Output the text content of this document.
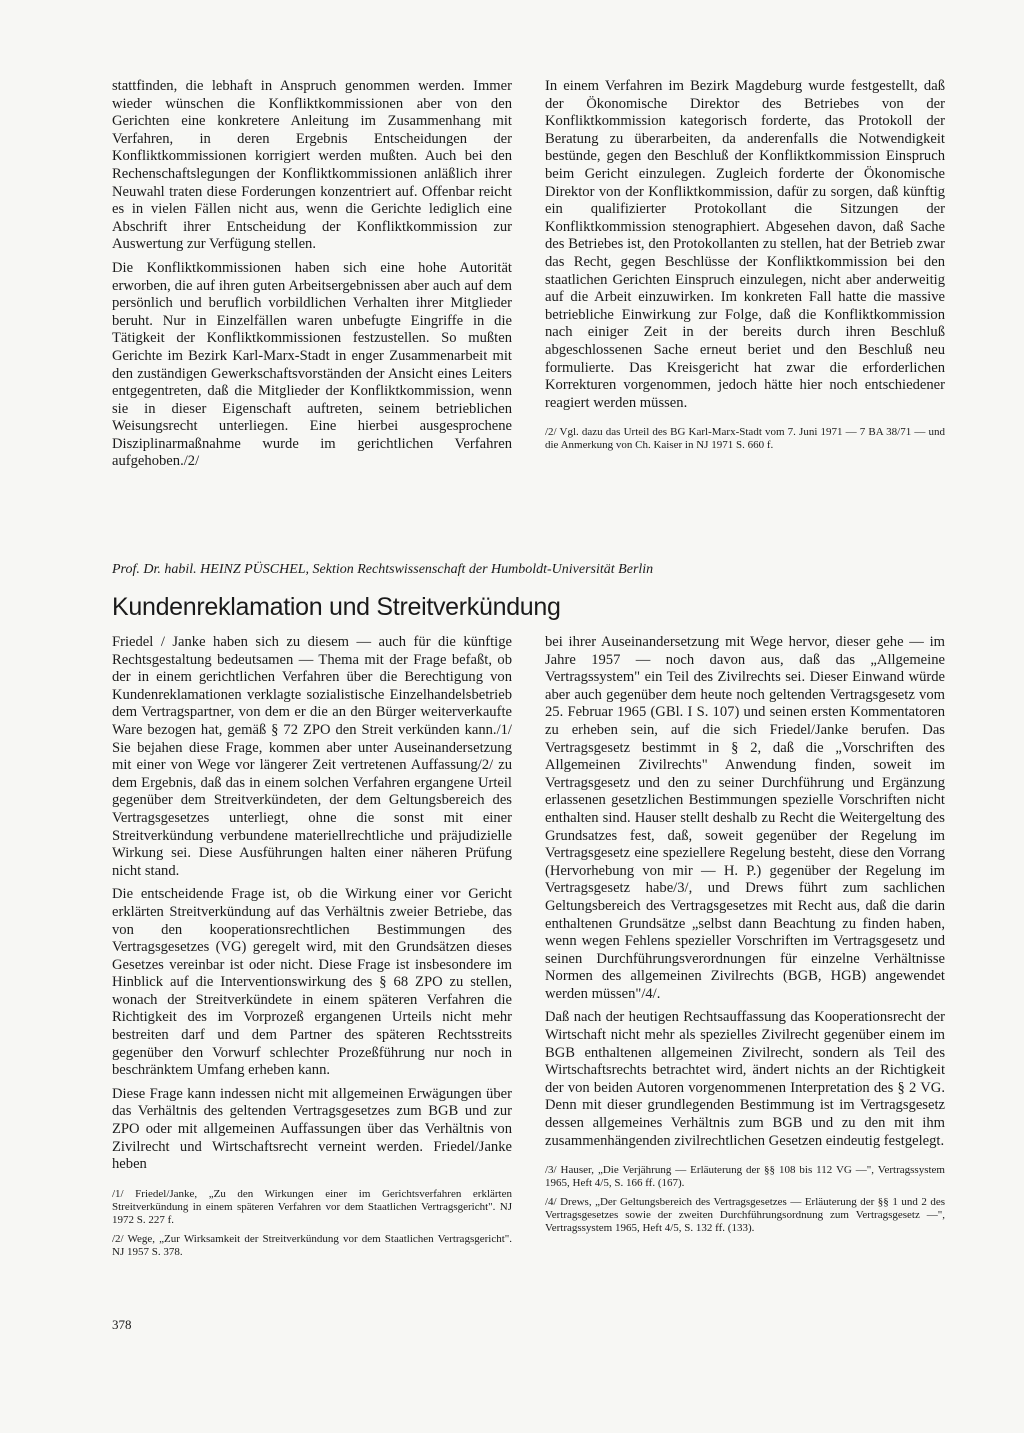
stattfinden, die lebhaft in Anspruch genommen werden. Immer wieder wünschen die Konfliktkommissionen aber von den Gerichten eine konkretere Anleitung im Zusammenhang mit Verfahren, in deren Ergebnis Entscheidungen der Konfliktkommissionen korrigiert werden mußten. Auch bei den Rechenschaftslegungen der Konfliktkommissionen anläßlich ihrer Neuwahl traten diese Forderungen konzentriert auf. Offenbar reicht es in vielen Fällen nicht aus, wenn die Gerichte lediglich eine Abschrift ihrer Entscheidung der Konfliktkommission zur Auswertung zur Verfügung stellen.

Die Konfliktkommissionen haben sich eine hohe Autorität erworben, die auf ihren guten Arbeitsergebnissen aber auch auf dem persönlich und beruflich vorbildlichen Verhalten ihrer Mitglieder beruht. Nur in Einzelfällen waren unbefugte Eingriffe in die Tätigkeit der Konfliktkommissionen festzustellen. So mußten Gerichte im Bezirk Karl-Marx-Stadt in enger Zusammenarbeit mit den zuständigen Gewerkschaftsvorständen der Ansicht eines Leiters entgegentreten, daß die Mitglieder der Konfliktkommission, wenn sie in dieser Eigenschaft auftreten, seinem betrieblichen Weisungsrecht unterliegen. Eine hierbei ausgesprochene Disziplinarmaßnahme wurde im gerichtlichen Verfahren aufgehoben./2/

In einem Verfahren im Bezirk Magdeburg wurde festgestellt, daß der Ökonomische Direktor des Betriebes von der Konfliktkommission kategorisch forderte, das Protokoll der Beratung zu überarbeiten, da anderenfalls die Notwendigkeit bestünde, gegen den Beschluß der Konfliktkommission Einspruch beim Gericht einzulegen. Zugleich forderte der Ökonomische Direktor von der Konfliktkommission, dafür zu sorgen, daß künftig ein qualifizierter Protokollant die Sitzungen der Konfliktkommission stenographiert. Abgesehen davon, daß Sache des Betriebes ist, den Protokollanten zu stellen, hat der Betrieb zwar das Recht, gegen Beschlüsse der Konfliktkommission bei den staatlichen Gerichten Einspruch einzulegen, nicht aber anderweitig auf die Arbeit einzuwirken. Im konkreten Fall hatte die massive betriebliche Einwirkung zur Folge, daß die Konfliktkommission nach einiger Zeit in der bereits durch ihren Beschluß abgeschlossenen Sache erneut beriet und den Beschluß neu formulierte. Das Kreisgericht hat zwar die erforderlichen Korrekturen vorgenommen, jedoch hätte hier noch entschiedener reagiert werden müssen.

/2/ Vgl. dazu das Urteil des BG Karl-Marx-Stadt vom 7. Juni 1971 — 7 BA 38/71 — und die Anmerkung von Ch. Kaiser in NJ 1971 S. 660 f.

Prof. Dr. habil. HEINZ PÜSCHEL, Sektion Rechtswissenschaft der Humboldt-Universität Berlin
Kundenreklamation und Streitverkündung

Friedel / Janke haben sich zu diesem — auch für die künftige Rechtsgestaltung bedeutsamen — Thema mit der Frage befaßt, ob der in einem gerichtlichen Verfahren über die Berechtigung von Kundenreklamationen verklagte sozialistische Einzelhandelsbetrieb dem Vertragspartner, von dem er die an den Bürger weiterverkaufte Ware bezogen hat, gemäß § 72 ZPO den Streit verkünden kann./1/ Sie bejahen diese Frage, kommen aber unter Auseinandersetzung mit einer von Wege vor längerer Zeit vertretenen Auffassung/2/ zu dem Ergebnis, daß das in einem solchen Verfahren ergangene Urteil gegenüber dem Streitverkündeten, der dem Geltungsbereich des Vertragsgesetzes unterliegt, ohne die sonst mit einer Streitverkündung verbundene materiellrechtliche und präjudizielle Wirkung sei. Diese Ausführungen halten einer näheren Prüfung nicht stand.

Die entscheidende Frage ist, ob die Wirkung einer vor Gericht erklärten Streitverkündung auf das Verhältnis zweier Betriebe, das von den kooperationsrechtlichen Bestimmungen des Vertragsgesetzes (VG) geregelt wird, mit den Grundsätzen dieses Gesetzes vereinbar ist oder nicht. Diese Frage ist insbesondere im Hinblick auf die Interventionswirkung des § 68 ZPO zu stellen, wonach der Streitverkündete in einem späteren Verfahren die Richtigkeit des im Vorprozeß ergangenen Urteils nicht mehr bestreiten darf und dem Partner des späteren Rechtsstreits gegenüber den Vorwurf schlechter Prozeßführung nur noch in beschränktem Umfang erheben kann.

Diese Frage kann indessen nicht mit allgemeinen Erwägungen über das Verhältnis des geltenden Vertragsgesetzes zum BGB und zur ZPO oder mit allgemeinen Auffassungen über das Verhältnis von Zivilrecht und Wirtschaftsrecht verneint werden. Friedel/Janke heben

/1/ Friedel/Janke, „Zu den Wirkungen einer im Gerichtsverfahren erklärten Streitverkündung in einem späteren Verfahren vor dem Staatlichen Vertragsgericht". NJ 1972 S. 227 f.

/2/ Wege, „Zur Wirksamkeit der Streitverkündung vor dem Staatlichen Vertragsgericht". NJ 1957 S. 378.

bei ihrer Auseinandersetzung mit Wege hervor, dieser gehe — im Jahre 1957 — noch davon aus, daß das „Allgemeine Vertragssystem" ein Teil des Zivilrechts sei. Dieser Einwand würde aber auch gegenüber dem heute noch geltenden Vertragsgesetz vom 25. Februar 1965 (GBl. I S. 107) und seinen ersten Kommentatoren zu erheben sein, auf die sich Friedel/Janke berufen. Das Vertragsgesetz bestimmt in § 2, daß die „Vorschriften des Allgemeinen Zivilrechts" Anwendung finden, soweit im Vertragsgesetz und den zu seiner Durchführung und Ergänzung erlassenen gesetzlichen Bestimmungen spezielle Vorschriften nicht enthalten sind. Hauser stellt deshalb zu Recht die Weitergeltung des Grundsatzes fest, daß, soweit gegenüber der Regelung im Vertragsgesetz eine speziellere Regelung besteht, diese den Vorrang (Hervorhebung von mir — H. P.) gegenüber der Regelung im Vertragsgesetz habe/3/, und Drews führt zum sachlichen Geltungsbereich des Vertragsgesetzes mit Recht aus, daß die darin enthaltenen Grundsätze „selbst dann Beachtung zu finden haben, wenn wegen Fehlens spezieller Vorschriften im Vertragsgesetz und seinen Durchführungsverordnungen für einzelne Verhältnisse Normen des allgemeinen Zivilrechts (BGB, HGB) angewendet werden müssen"/4/.

Daß nach der heutigen Rechtsauffassung das Kooperationsrecht der Wirtschaft nicht mehr als spezielles Zivilrecht gegenüber einem im BGB enthaltenen allgemeinen Zivilrecht, sondern als Teil des Wirtschaftsrechts betrachtet wird, ändert nichts an der Richtigkeit der von beiden Autoren vorgenommenen Interpretation des § 2 VG. Denn mit dieser grundlegenden Bestimmung ist im Vertragsgesetz dessen allgemeines Verhältnis zum BGB und zu den mit ihm zusammenhängenden zivilrechtlichen Gesetzen eindeutig festgelegt.

/3/ Hauser, „Die Verjährung — Erläuterung der §§ 108 bis 112 VG —", Vertragssystem 1965, Heft 4/5, S. 166 ff. (167).

/4/ Drews, „Der Geltungsbereich des Vertragsgesetzes — Erläuterung der §§ 1 und 2 des Vertragsgesetzes sowie der zweiten Durchführungsordnung zum Vertragsgesetz —", Vertragssystem 1965, Heft 4/5, S. 132 ff. (133).

378
